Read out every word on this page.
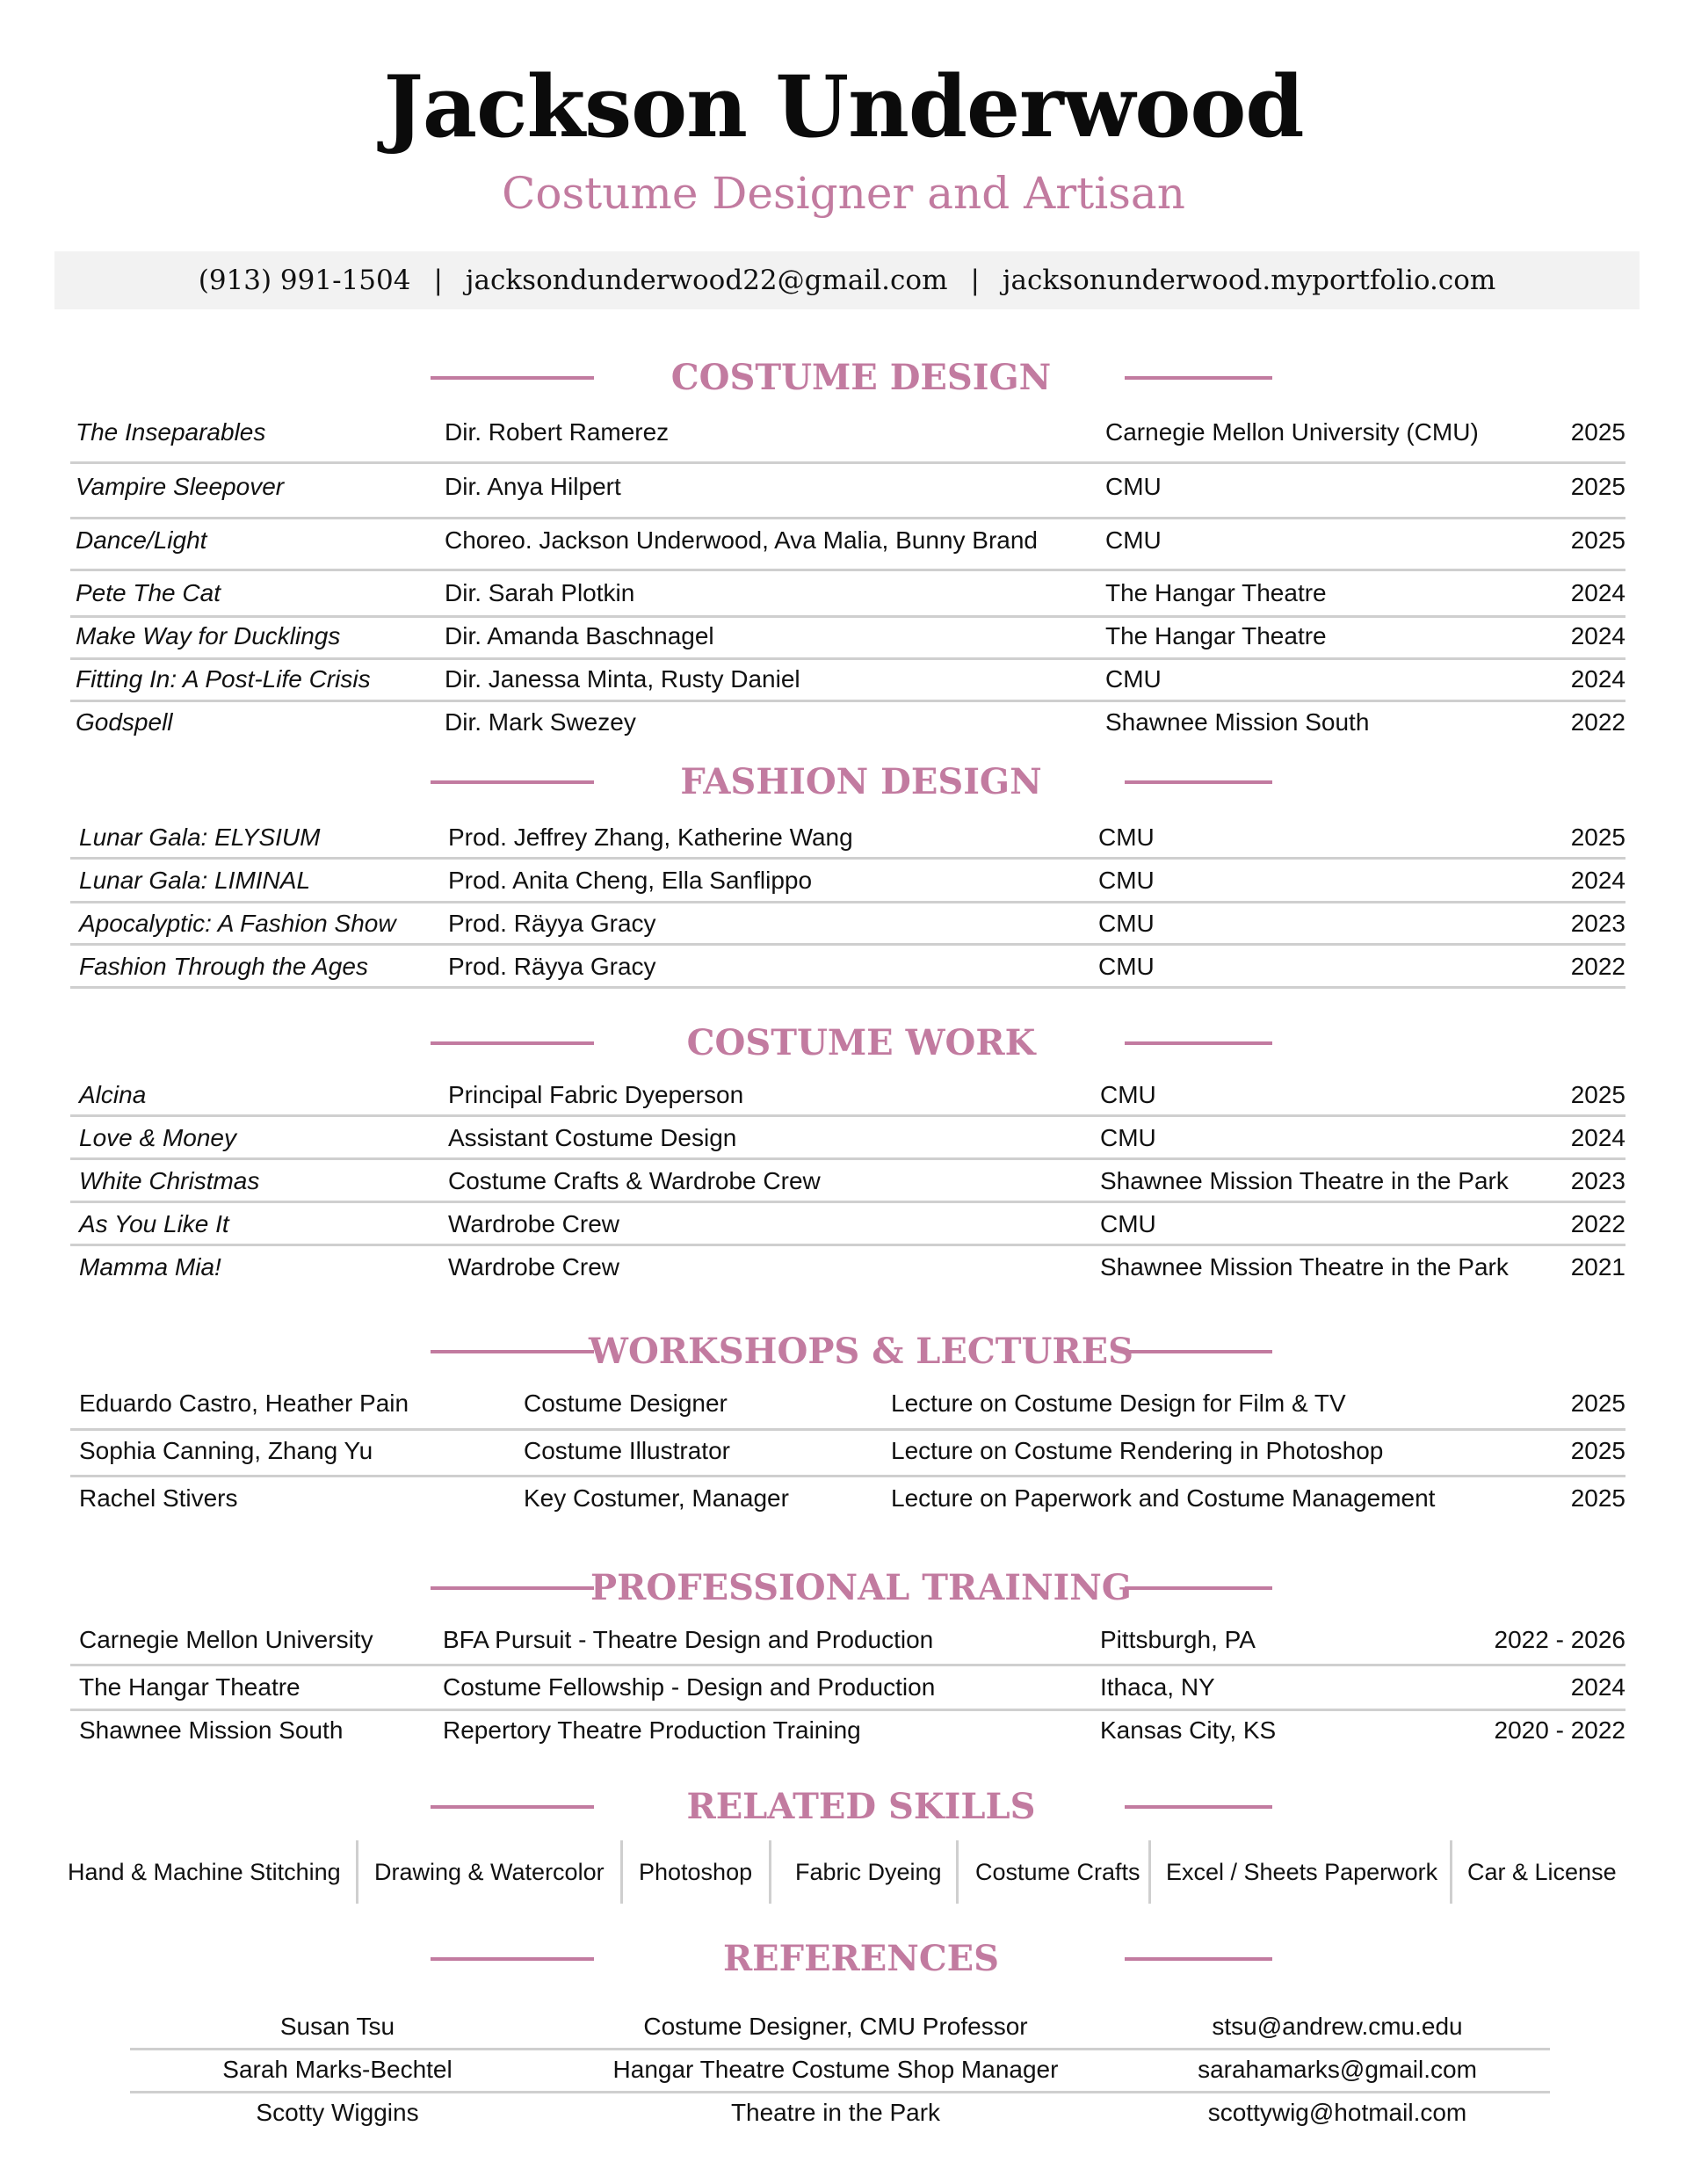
Jackson Underwood
Costume Designer and Artisan
(913) 991-1504 | jacksondunderwood22@gmail.com | jacksonunderwood.myportfolio.com
COSTUME DESIGN
The Inseparables	Dir. Robert Ramerez	Carnegie Mellon University (CMU)	2025
Vampire Sleepover	Dir. Anya Hilpert	CMU	2025
Dance/Light	Choreo. Jackson Underwood, Ava Malia, Bunny Brand	CMU	2025
Pete The Cat	Dir. Sarah Plotkin	The Hangar Theatre	2024
Make Way for Ducklings	Dir. Amanda Baschnagel	The Hangar Theatre	2024
Fitting In: A Post-Life Crisis	Dir. Janessa Minta, Rusty Daniel	CMU	2024
Godspell	Dir. Mark Swezey	Shawnee Mission South	2022
FASHION DESIGN
Lunar Gala: ELYSIUM	Prod. Jeffrey Zhang, Katherine Wang	CMU	2025
Lunar Gala: LIMINAL	Prod. Anita Cheng, Ella Sanflippo	CMU	2024
Apocalyptic: A Fashion Show Prod. Räyya Gracy	CMU	2023
Fashion Through the Ages	Prod. Räyya Gracy	CMU	2022
COSTUME WORK
Alcina	Principal Fabric Dyeperson	CMU	2025
Love & Money	Assistant Costume Design	CMU	2024
White Christmas	Costume Crafts & Wardrobe Crew	Shawnee Mission Theatre in the Park	2023
As You Like It	Wardrobe Crew	CMU	2022
Mamma Mia!	Wardrobe Crew	Shawnee Mission Theatre in the Park	2021
WORKSHOPS & LECTURES
Eduardo Castro, Heather Pain	Costume Designer	Lecture on Costume Design for Film & TV	2025
Sophia Canning, Zhang Yu	Costume Illustrator	Lecture on Costume Rendering in Photoshop	2025
Rachel Stivers	Key Costumer, Manager	Lecture on Paperwork and Costume Management	2025
PROFESSIONAL TRAINING
Carnegie Mellon University	BFA Pursuit - Theatre Design and Production	Pittsburgh, PA	2022 - 2026
The Hangar Theatre	Costume Fellowship - Design and Production	Ithaca, NY	2024
Shawnee Mission South	Repertory Theatre Production Training	Kansas City, KS	2020 - 2022
RELATED SKILLS
Hand & Machine Stitching Drawing & Watercolor Photoshop Fabric Dyeing Costume Crafts Excel / Sheets Paperwork Car & License
REFERENCES
Susan Tsu	Costume Designer, CMU Professor	stsu@andrew.cmu.edu
Sarah Marks-Bechtel	Hangar Theatre Costume Shop Manager	sarahamarks@gmail.com
Scotty Wiggins	Theatre in the Park	scottywig@hotmail.com
